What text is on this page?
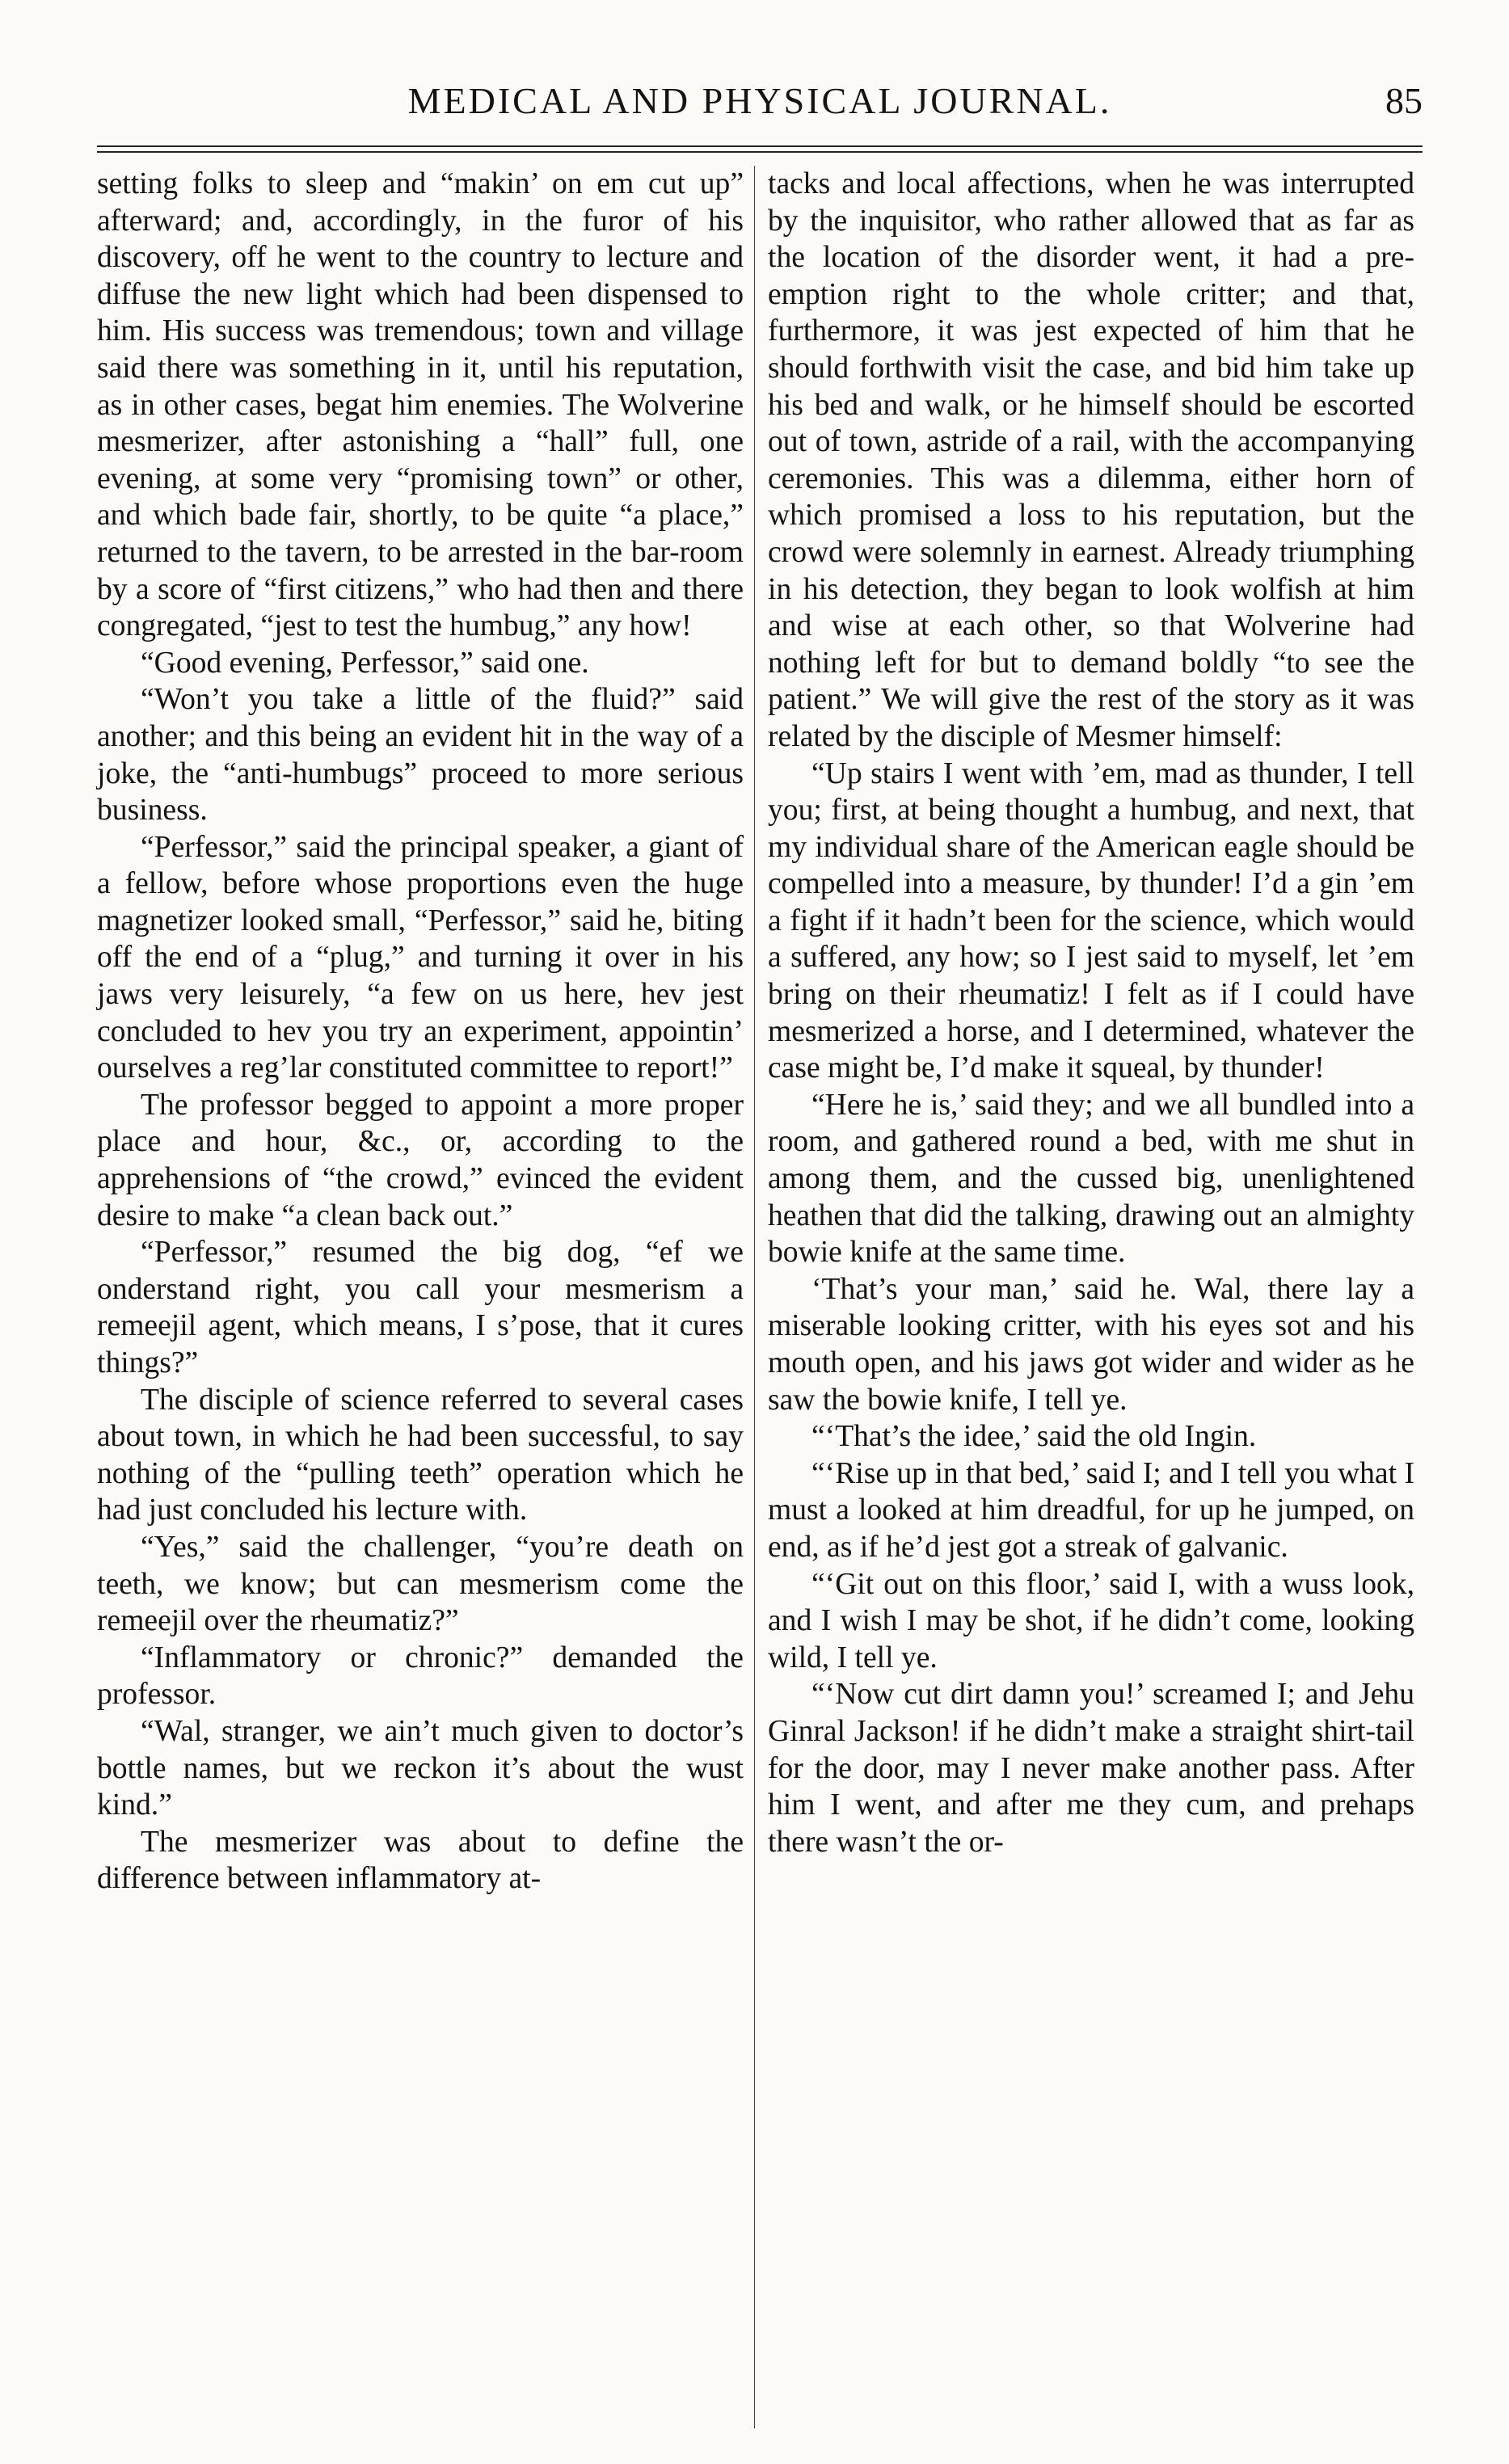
MEDICAL AND PHYSICAL JOURNAL.	85

setting folks to sleep and “makin’ on em cut up” afterward; and, accordingly, in the furor of his discovery, off he went to the country to lecture and diffuse the new light which had been dispensed to him. His success was tremendous; town and village said there was something in it, until his reputation, as in other cases, begat him enemies. The Wolverine mesmerizer, after astonishing a “hall” full, one evening, at some very “promising town” or other, and which bade fair, shortly, to be quite “a place,” returned to the tavern, to be arrested in the bar-room by a score of “first citizens,” who had then and there congregated, “jest to test the humbug,” any how!

“Good evening, Perfessor,” said one.

“Won’t you take a little of the fluid?” said another; and this being an evident hit in the way of a joke, the “anti-humbugs” proceed to more serious business.

“Perfessor,” said the principal speaker, a giant of a fellow, before whose proportions even the huge magnetizer looked small, “Perfessor,” said he, biting off the end of a “plug,” and turning it over in his jaws very leisurely, “a few on us here, hev jest concluded to hev you try an experiment, appointin’ ourselves a reg’lar constituted committee to report!”

The professor begged to appoint a more proper place and hour, &c., or, according to the apprehensions of “the crowd,” evinced the evident desire to make “a clean back out.”

“Perfessor,” resumed the big dog, “ef we onderstand right, you call your mesmerism a remeejil agent, which means, I s’pose, that it cures things?”

The disciple of science referred to several cases about town, in which he had been successful, to say nothing of the “pulling teeth” operation which he had just concluded his lecture with.

“Yes,” said the challenger, “you’re death on teeth, we know; but can mesmerism come the remeejil over the rheumatiz?”

“Inflammatory or chronic?” demanded the professor.

“Wal, stranger, we ain’t much given to doctor’s bottle names, but we reckon it’s about the wust kind.”

The mesmerizer was about to define the difference between inflammatory at-

tacks and local affections, when he was interrupted by the inquisitor, who rather allowed that as far as the location of the disorder went, it had a pre-emption right to the whole critter; and that, furthermore, it was jest expected of him that he should forthwith visit the case, and bid him take up his bed and walk, or he himself should be escorted out of town, astride of a rail, with the accompanying ceremonies. This was a dilemma, either horn of which promised a loss to his reputation, but the crowd were solemnly in earnest. Already triumphing in his detection, they began to look wolfish at him and wise at each other, so that Wolverine had nothing left for but to demand boldly “to see the patient.” We will give the rest of the story as it was related by the disciple of Mesmer himself:

“Up stairs I went with ’em, mad as thunder, I tell you; first, at being thought a humbug, and next, that my individual share of the American eagle should be compelled into a measure, by thunder! I’d a gin ’em a fight if it hadn’t been for the science, which would a suffered, any how; so I jest said to myself, let ’em bring on their rheumatiz! I felt as if I could have mesmerized a horse, and I determined, whatever the case might be, I’d make it squeal, by thunder!

“Here he is,’ said they; and we all bundled into a room, and gathered round a bed, with me shut in among them, and the cussed big, unenlightened heathen that did the talking, drawing out an almighty bowie knife at the same time.

‘That’s your man,’ said he. Wal, there lay a miserable looking critter, with his eyes sot and his mouth open, and his jaws got wider and wider as he saw the bowie knife, I tell ye.

“‘That’s the idee,’ said the old Ingin.

“‘Rise up in that bed,’ said I; and I tell you what I must a looked at him dreadful, for up he jumped, on end, as if he’d jest got a streak of galvanic.

“‘Git out on this floor,’ said I, with a wuss look, and I wish I may be shot, if he didn’t come, looking wild, I tell ye.

“‘Now cut dirt damn you!’ screamed I; and Jehu Ginral Jackson! if he didn’t make a straight shirt-tail for the door, may I never make another pass. After him I went, and after me they cum, and prehaps there wasn’t the or-
